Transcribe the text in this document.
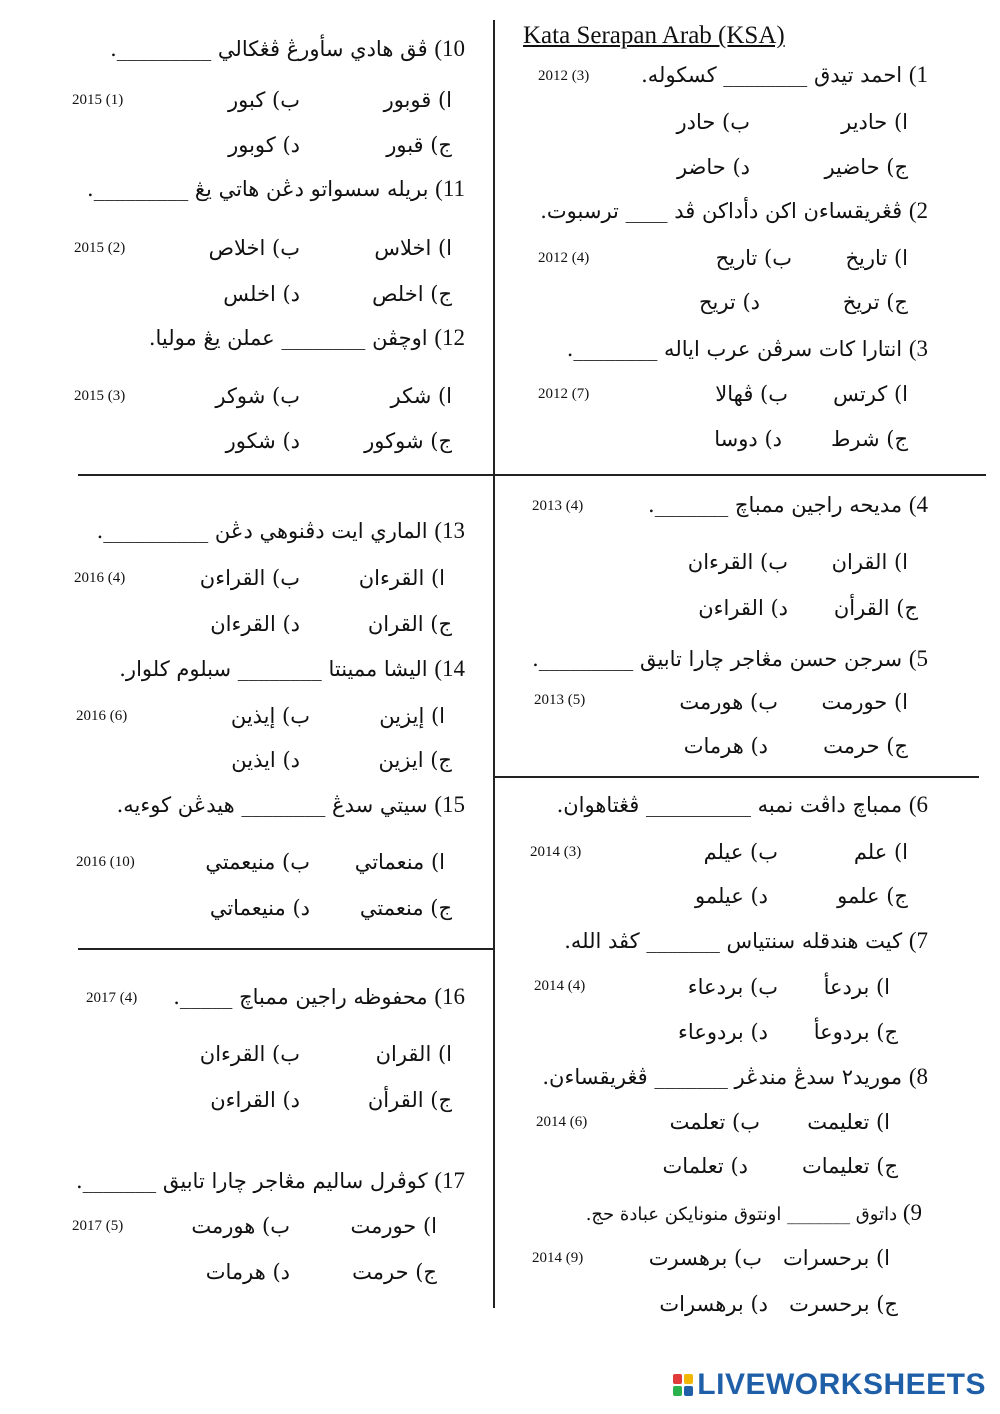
Kata Serapan Arab (KSA)
1) احمد تيدق ________ كسكوله.
2012 (3)
ا) حادير
ب) حادر
ج) حاضير
د) حاضر
2) ڤڠريقساءن اكن دأداكن ڤد ____ ترسبوت.
2012 (4)	ا) تاريخ
ب) تاريح
ج) تريخ
د) تريح
3) انتارا كات سرڤن عرب اياله ________.
2012 (7)	ا) كرتس
ب) ڤهالا
ج) شرط
د) دوسا
4) مديحه راجين ممباچ _______.
2013 (4)
ا) القران
ب) القرءان
ج) القرأن
د) القراءن
5) سرجن حسن مڠاجر چارا تابيق _________.
2013 (5)	ا) حورمت
ب) هورمت
ج) حرمت
د) هرمات
6) ممباچ داڤت نمبه __________ ڤڠتاهوان.
2014 (3)	ا) علم
ب) عيلم
ج) علمو
د) عيلمو
7) كيت هندقله سنتياس _______ كڤد الله.
2014 (4)	ا) بردعأ
ب) بردعاء
ج) بردوعأ
د) بردوعاء
8) موريد٢ سدڠ مندڠر _______ ڤڠريقساءن.
2014 (6)	ا) تعليمت
ب) تعلمت
ج) تعليمات
د) تعلمات
9) داتوق _______ اونتوق منونايكن عبادة حج.
2014 (9)	ا) برحسرات
ب) برهسرت
ج) برحسرت
د) برهسرات
10) ڤق هادي سأورڠ ڤڠكالي _________.
2015 (1)	ا) قوبور
ب) كبور
ج) قبور
د) كوبور
11) بريله سسواتو دڠن هاتي يڠ _________.
2015 (2)	ا) اخلاس
ب) اخلاص
ج) اخلص
د) اخلس
12) اوچڤن ________ عملن يڠ موليا.
2015 (3)	ا) شكر
ب) شوكر
ج) شوكور
د) شكور
13) الماري ايت دڤنوهي دڠن __________.
2016 (4)	ا) القرءان
ب) القراءن
ج) القران
د) القرءان
14) اليشا ممينتا ________ سبلوم كلوار.
2016 (6)	ا) إيزين
ب) إيذين
ج) ايزين
د) ايذين
15) سيتي سدڠ ________ هيدڠن كوءيه.
2016 (10)	ا) منعماتي
ب) منيعمتي
ج) منعمتي
د) منيعماتي
16) محفوظه راجين ممباچ _____.
2017 (4)
ا) القران
ب) القرءان
ج) القرأن
د) القراءن
17) كوڤرل ساليم مڠاجر چارا تابيق _______.
2017 (5)	ا) حورمت
ب) هورمت
ج) حرمت
د) هرمات
LIVEWORKSHEETS
